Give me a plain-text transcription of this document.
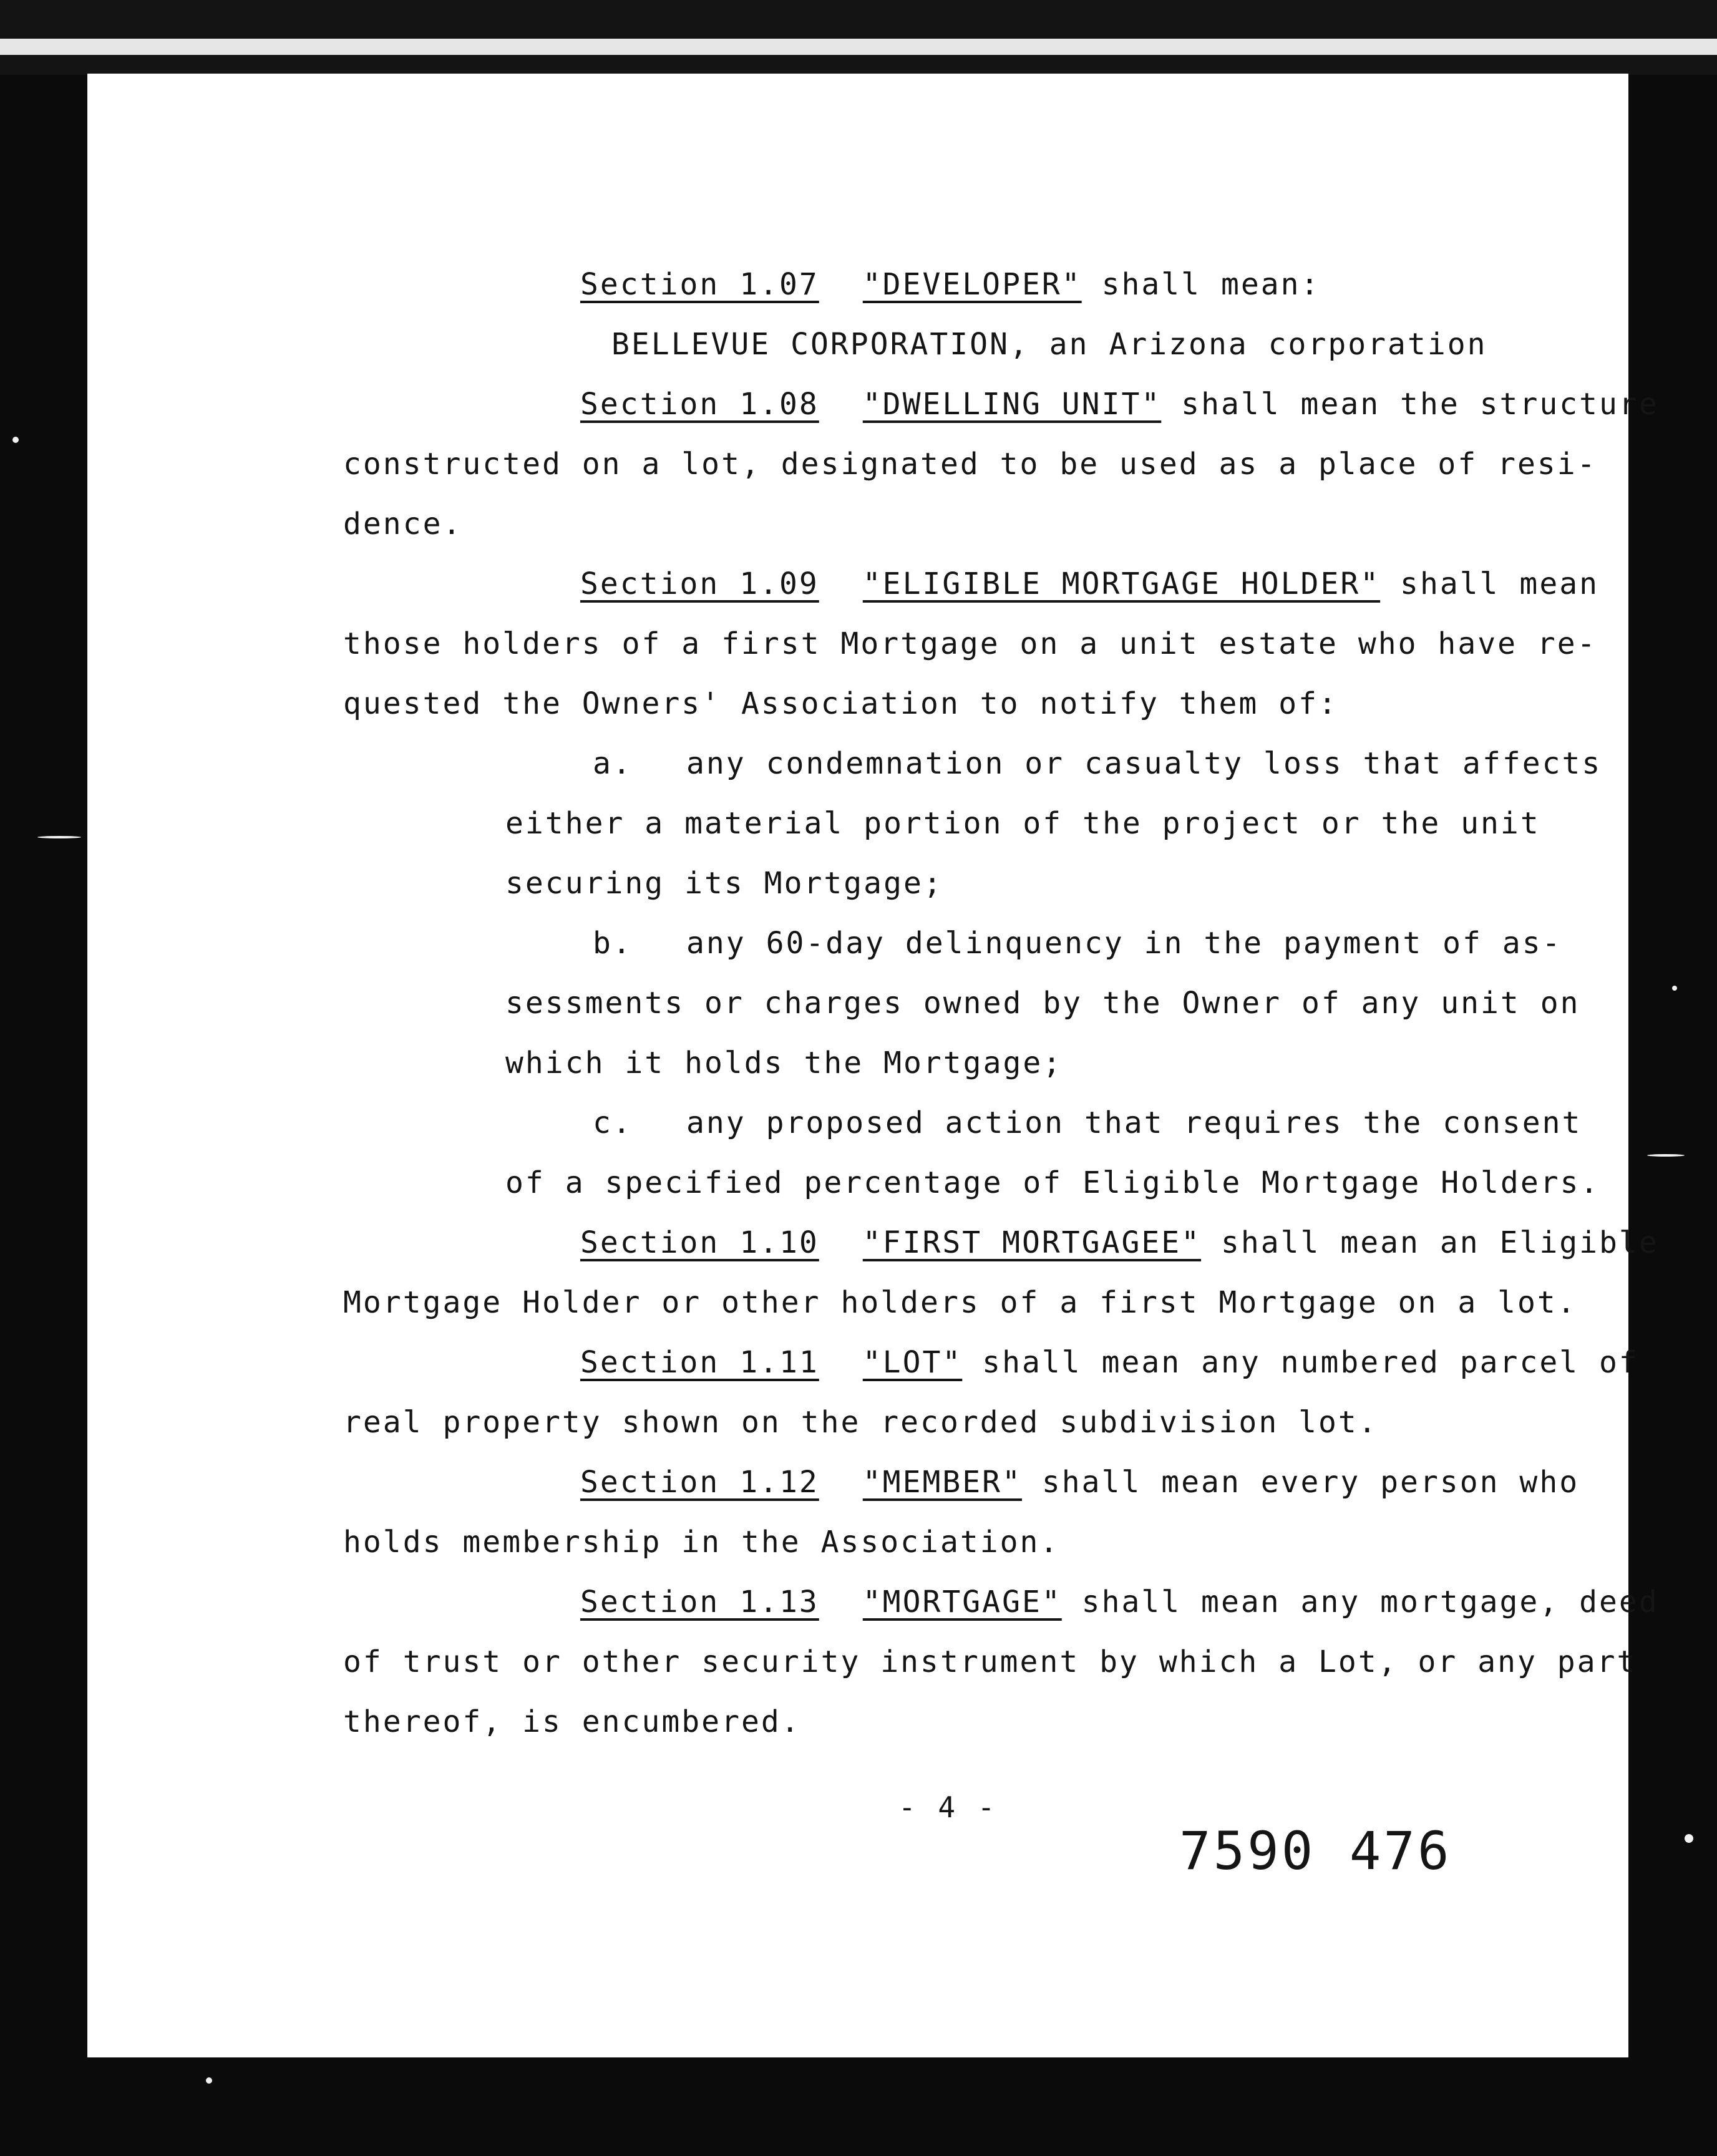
Section 1.07 "DEVELOPER" shall mean:
BELLEVUE CORPORATION, an Arizona corporation
Section 1.08 "DWELLING UNIT" shall mean the structure
constructed on a lot, designated to be used as a place of resi-
dence.
Section 1.09 "ELIGIBLE MORTGAGE HOLDER" shall mean
those holders of a first Mortgage on a unit estate who have re-
quested the Owners' Association to notify them of:
a. any condemnation or casualty loss that affects
either a material portion of the project or the unit
securing its Mortgage;
b. any 60-day delinquency in the payment of as-
sessments or charges owned by the Owner of any unit on
which it holds the Mortgage;
c. any proposed action that requires the consent
of a specified percentage of Eligible Mortgage Holders.
Section 1.10 "FIRST MORTGAGEE" shall mean an Eligible
Mortgage Holder or other holders of a first Mortgage on a lot.
Section 1.11 "LOT" shall mean any numbered parcel of
real property shown on the recorded subdivision lot.
Section 1.12 "MEMBER" shall mean every person who
holds membership in the Association.
Section 1.13 "MORTGAGE" shall mean any mortgage, deed
of trust or other security instrument by which a Lot, or any part
thereof, is encumbered.
- 4 -
7590 476
